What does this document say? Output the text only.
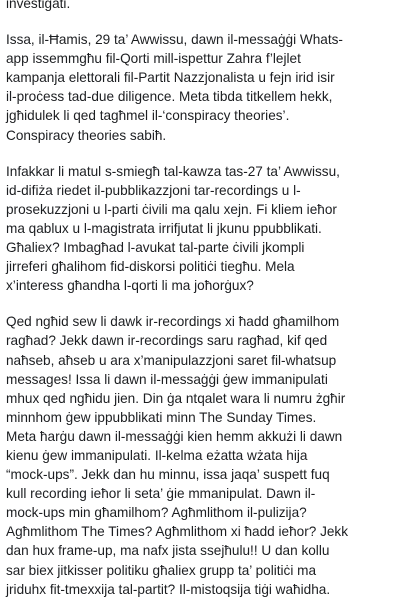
investigati.

Issa, il-Ħamis, 29 ta’ Awwissu, dawn il-messaġġi Whats-
app issemmgħu fil-Qorti mill-ispettur Zahra f’lejlet
kampanja elettorali fil-Partit Nazzjonalista u fejn irid isir
il-proċess tad-due diligence. Meta tibda titkellem hekk,
jgħidulek li qed tagħmel il-‘conspiracy theories’.
Conspiracy theories sabiħ.

Infakkar li matul s-smiegħ tal-kawza tas-27 ta’ Awwissu,
id-difiża riedet il-pubblikazzjoni tar-recordings u l-
prosekuzzjoni u l-parti ċivili ma qalu xejn. Fi kliem ieħor
ma qablux u l-magistrata irrifjutat li jkunu ppubblikati.
Għaliex? Imbagħad l-avukat tal-parte ċivili jkompli
jirreferi għalihom fid-diskorsi politiċi tiegħu. Mela
x’interess għandha l-qorti li ma joħorġux?

Qed ngħid sew li dawk ir-recordings xi ħadd għamilhom
ragħad? Jekk dawn ir-recordings saru ragħad, kif qed
naħseb, aħseb u ara x’manipulazzjoni saret fil-whatsup
messages! Issa li dawn il-messaġġi ġew immanipulati
mhux qed ngħidu jien. Din ġa ntqalet wara li numru żgħir
minnhom ġew ippubblikati minn The Sunday Times.
Meta ħarġu dawn il-messaġġi kien hemm akkużi li dawn
kienu ġew immanipulati. Il-kelma eżatta wżata hija
“mock-ups”. Jekk dan hu minnu, issa jaqa’ suspett fuq
kull recording ieħor li seta’ ġie mmanipulat. Dawn il-
mock-ups min għamilhom? Agħmlithom il-pulizija?
Agħmlithom The Times? Agħmlithom xi ħadd ieħor? Jekk
dan hux frame-up, ma nafx jista ssejħulu!! U dan kollu
sar biex jitkisser politiku għaliex grupp ta’ politiċi ma
jriduhx fit-tmexxija tal-partit? Il-mistoqsija tiġi waħidha.
